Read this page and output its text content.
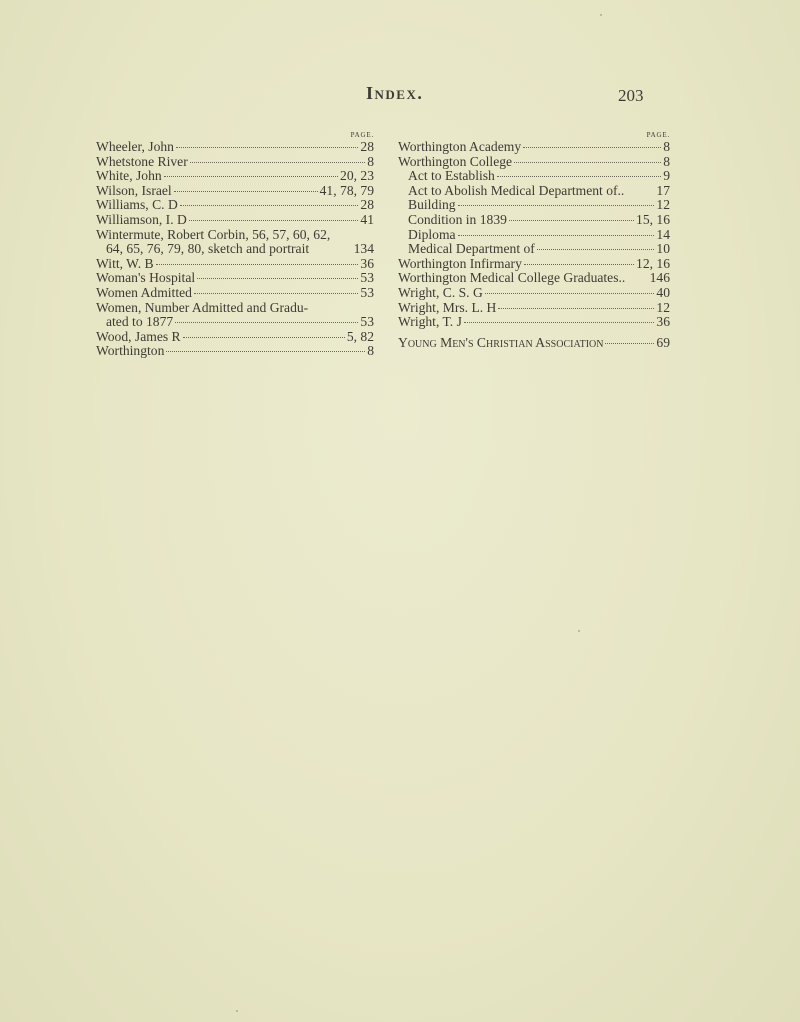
Index.	203
PAGE.
Wheeler, John	28
Whetstone River	8
White, John	20, 23
Wilson, Israel	41, 78, 79
Williams, C. D	28
Williamson, I. D	41
Wintermute, Robert Corbin, 56, 57, 60, 62,
64, 65, 76, 79, 80, sketch and portrait	134
Witt, W. B	36
Woman's Hospital	53
Women Admitted	53
Women, Number Admitted and Gradu-
ated to 1877	53
Wood, James R	5, 82
Worthington	8
PAGE.
Worthington Academy	8
Worthington College	8
Act to Establish	9
Act to Abolish Medical Department of.. 17
Building	12
Condition in 1839	15, 16
Diploma	14
Medical Department of	10
Worthington Infirmary	12, 16
Worthington Medical College Graduates.. 146
Wright, C. S. G	40
Wright, Mrs. L. H	12
Wright, T. J	36
Young Men's Christian Association	69
